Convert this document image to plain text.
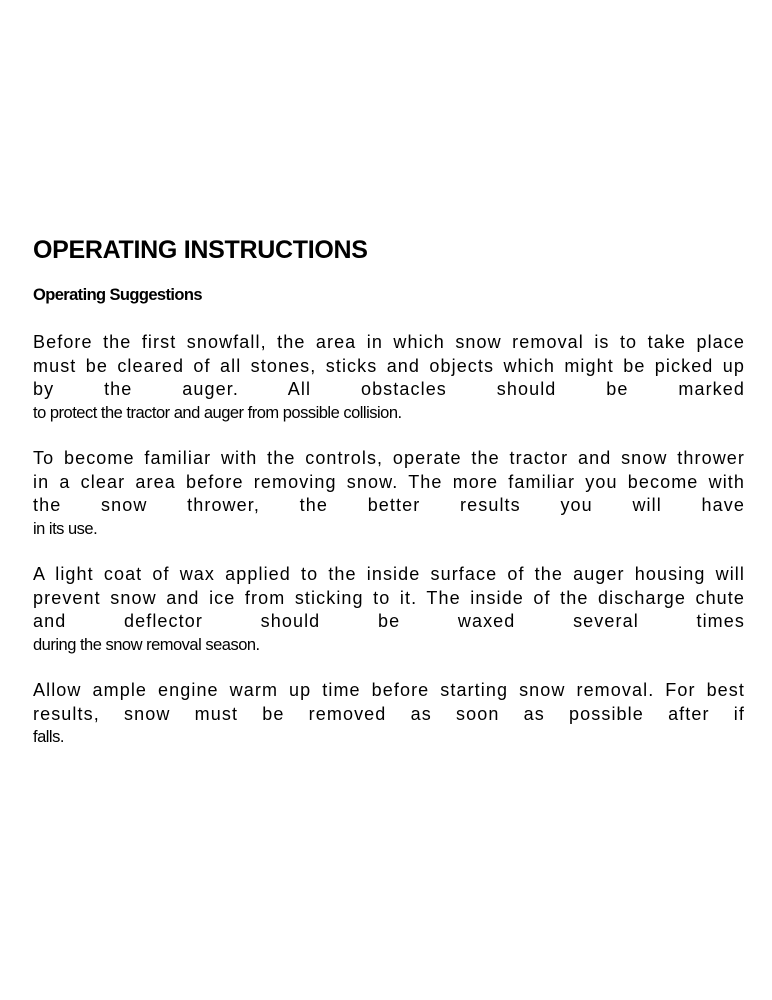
OPERATING INSTRUCTIONS
Operating Suggestions

Before the first snowfall, the area in which snow removal is to take place must be cleared of all stones, sticks and objects which might be picked up by the auger. All obstacles should be marked
to protect the tractor and auger from possible collision.

To become familiar with the controls, operate the tractor and snow thrower in a clear area before removing snow. The more familiar you become with the snow thrower, the better results you will have
in its use.

A light coat of wax applied to the inside surface of the auger housing will prevent snow and ice from sticking to it. The inside of the discharge chute and deflector should be waxed several times
during the snow removal season.

Allow ample engine warm up time before starting snow removal. For best results, snow must be removed as soon as possible after if
falls.
